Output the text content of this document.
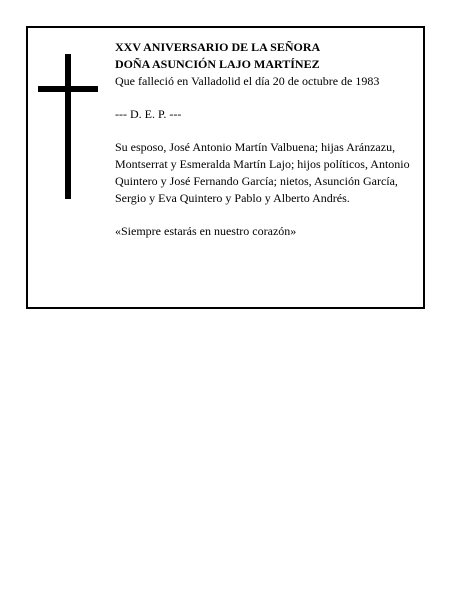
XXV ANIVERSARIO DE LA SEÑORA

DOÑA ASUNCIÓN LAJO MARTÍNEZ

Que falleció en Valladolid el día 20 de octubre de 1983

--- D. E. P. ---

Su esposo, José Antonio Martín Valbuena; hijas Aránzazu, Montserrat y Esmeralda Martín Lajo; hijos políticos, Antonio Quintero y José Fernando García; nietos, Asunción García, Sergio y Eva Quintero y Pablo y Alberto Andrés.

«Siempre estarás en nuestro corazón»
